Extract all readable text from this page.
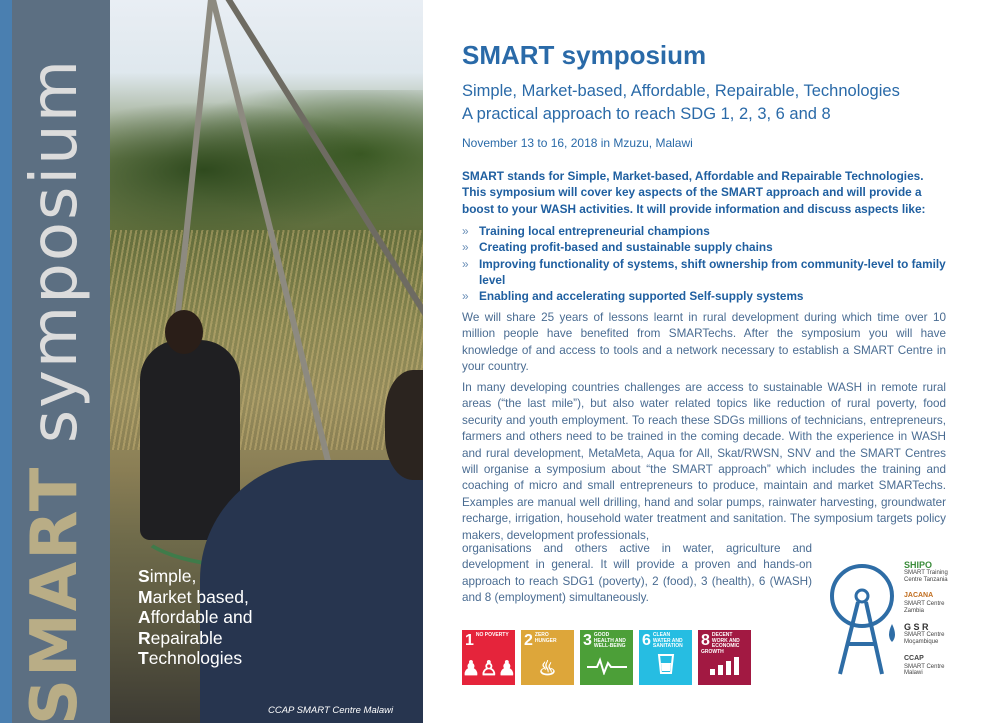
SMART symposium
Simple,
Market based,
Affordable and
Repairable
Technologies
CCAP SMART Centre Malawi
SMART symposium
Simple, Market-based, Affordable, Repairable, Technologies
A practical approach to reach SDG 1, 2, 3, 6 and 8
November 13 to 16, 2018 in Mzuzu, Malawi
SMART stands for Simple, Market-based, Affordable and Repairable Technologies. This symposium will cover key aspects of the SMART approach and will provide a boost to your WASH activities. It will provide information and discuss aspects like:
» Training local entrepreneurial champions
» Creating profit-based and sustainable supply chains
» Improving functionality of systems, shift ownership from community-level to family level
» Enabling and accelerating supported Self-supply systems
We will share 25 years of lessons learnt in rural development during which time over 10 million people have benefited from SMARTechs. After the symposium you will have knowledge of and access to tools and a network necessary to establish a SMART Centre in your country.
In many developing countries challenges are access to sustainable WASH in remote rural areas (“the last mile”), but also water related topics like reduction of rural poverty, food security and youth employment. To reach these SDGs millions of technicians, entrepreneurs, farmers and others need to be trained in the coming decade. With the experience in WASH and rural development, MetaMeta, Aqua for All, Skat/RWSN, SNV and the SMART Centres will organise a symposium about “the SMART approach” which includes the training and coaching of micro and small entrepreneurs to produce, maintain and market SMARTechs. Examples are manual well drilling, hand and solar pumps, rainwater harvesting, groundwater recharge, irrigation, household water treatment and sanitation. The symposium targets policy makers, development professionals,
organisations and others active in water, agriculture and development in general. It will provide a proven and hands-on approach to reach SDG1 (poverty), 2 (food), 3 (health), 6 (WASH) and 8 (employment) simultaneously.
1 NO POVERTY
♟♙♟
2 ZERO HUNGER
♨
3 GOOD HEALTH AND WELL-BEING 6 CLEAN WATER AND SANITATION	8 DECENT WORK AND ECONOMIC GROWTH
SHIPO
SMART Training Centre Tanzania
JACANA
SMART Centre Zambia
G S R
SMART Centre Moçambique
CCAP
SMART Centre Malawi
